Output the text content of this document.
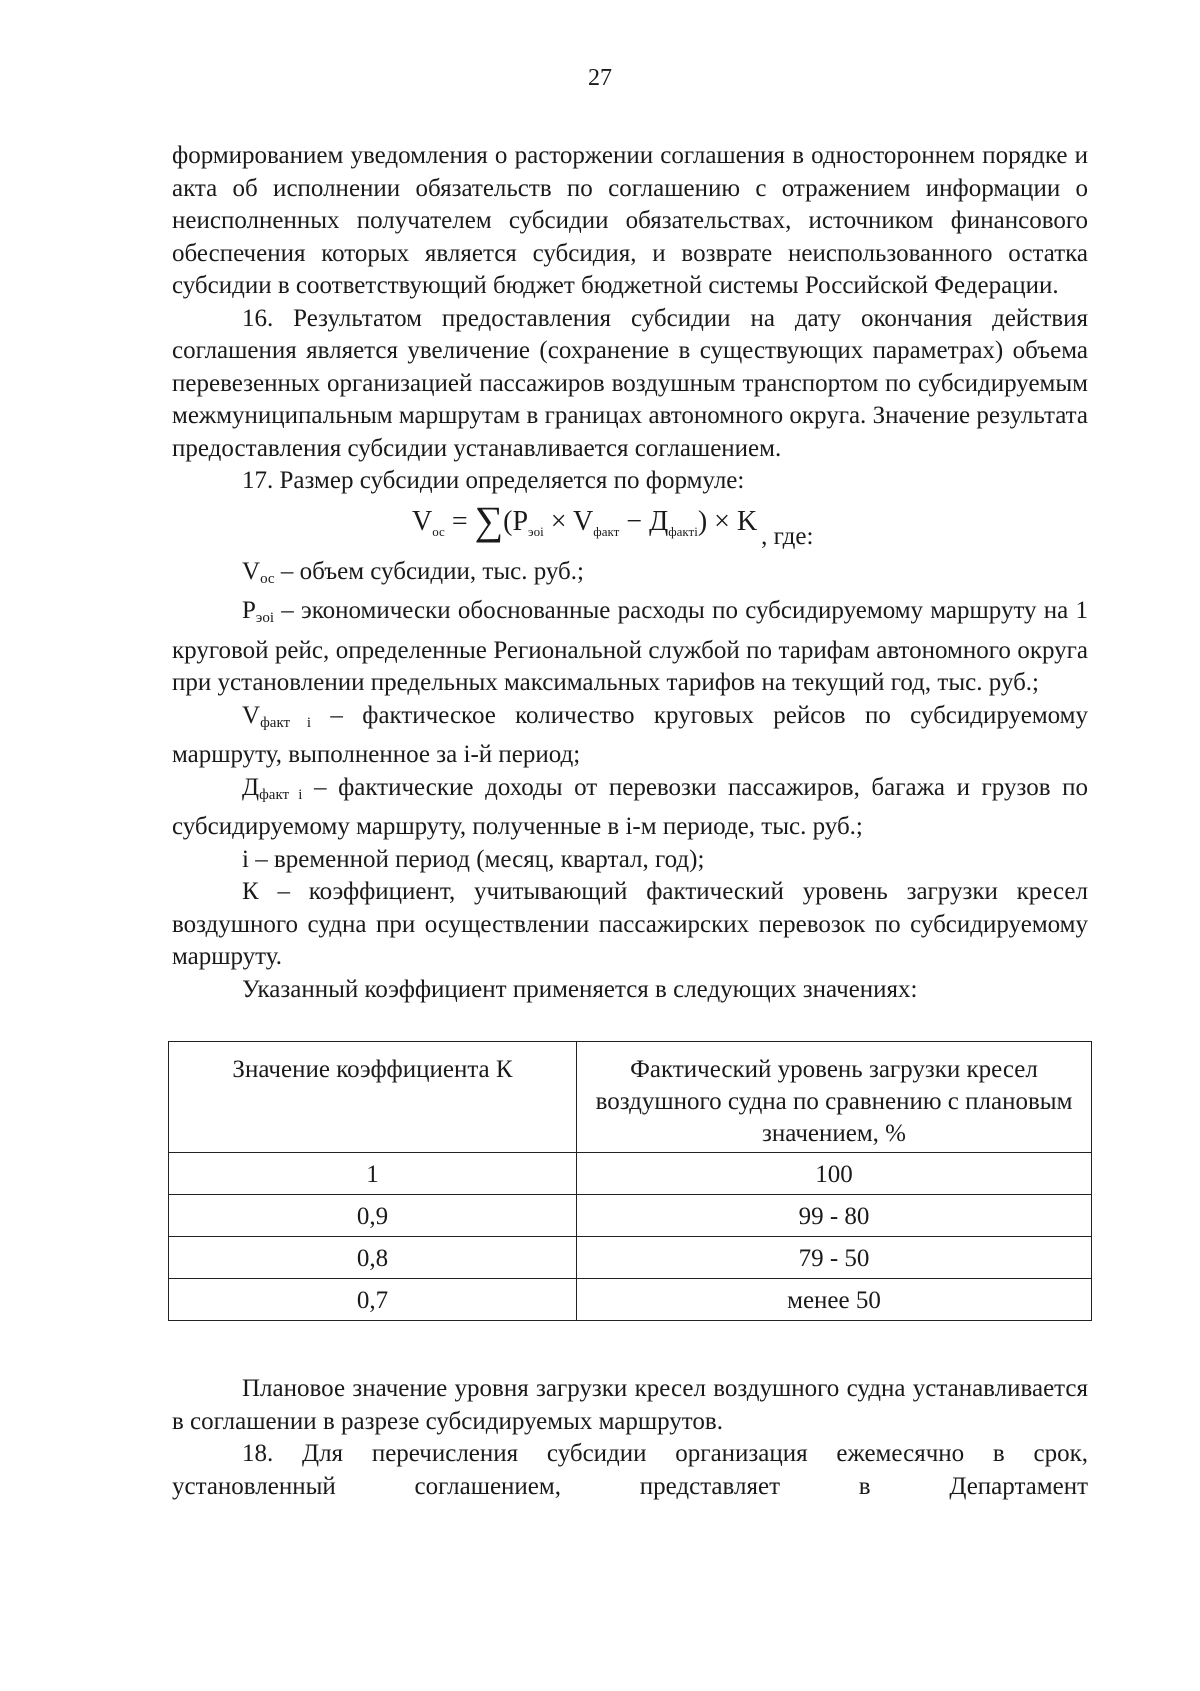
27

формированием уведомления о расторжении соглашения в одностороннем порядке и акта об исполнении обязательств по соглашению с отражением информации о неисполненных получателем субсидии обязательствах, источником финансового обеспечения которых является субсидия, и возврате неиспользованного остатка субсидии в соответствующий бюджет бюджетной системы Российской Федерации.

16. Результатом предоставления субсидии на дату окончания действия соглашения является увеличение (сохранение в существующих параметрах) объема перевезенных организацией пассажиров воздушным транспортом по субсидируемым межмуниципальным маршрутам в границах автономного округа. Значение результата предоставления субсидии устанавливается соглашением.

17. Размер субсидии определяется по формуле:

$V_{ос} = \sum(P_{эоi} \times V_{факт} - Д_{фактi}) \times K$ , где:

$V_{ос}$ – объем субсидии, тыс. руб.;

$Р_{эоi}$ – экономически обоснованные расходы по субсидируемому маршруту на 1 круговой рейс, определенные Региональной службой по тарифам автономного округа при установлении предельных максимальных тарифов на текущий год, тыс. руб.;

$V_{факт i}$ – фактическое количество круговых рейсов по субсидируемому маршруту, выполненное за i-й период;

$Д_{факт i}$ – фактические доходы от перевозки пассажиров, багажа и грузов по субсидируемому маршруту, полученные в i-м периоде, тыс. руб.;

i – временной период (месяц, квартал, год);

К – коэффициент, учитывающий фактический уровень загрузки кресел воздушного судна при осуществлении пассажирских перевозок по субсидируемому маршруту.

Указанный коэффициент применяется в следующих значениях:

Значение коэффициента К	Фактический уровень загрузки кресел воздушного судна по сравнению с плановым значением, %
1	100
0,9	99 - 80
0,8	79 - 50
0,7	менее 50

Плановое значение уровня загрузки кресел воздушного судна устанавливается в соглашении в разрезе субсидируемых маршрутов.

18. Для перечисления субсидии организация ежемесячно в срок, установленный соглашением, представляет в Департамент
